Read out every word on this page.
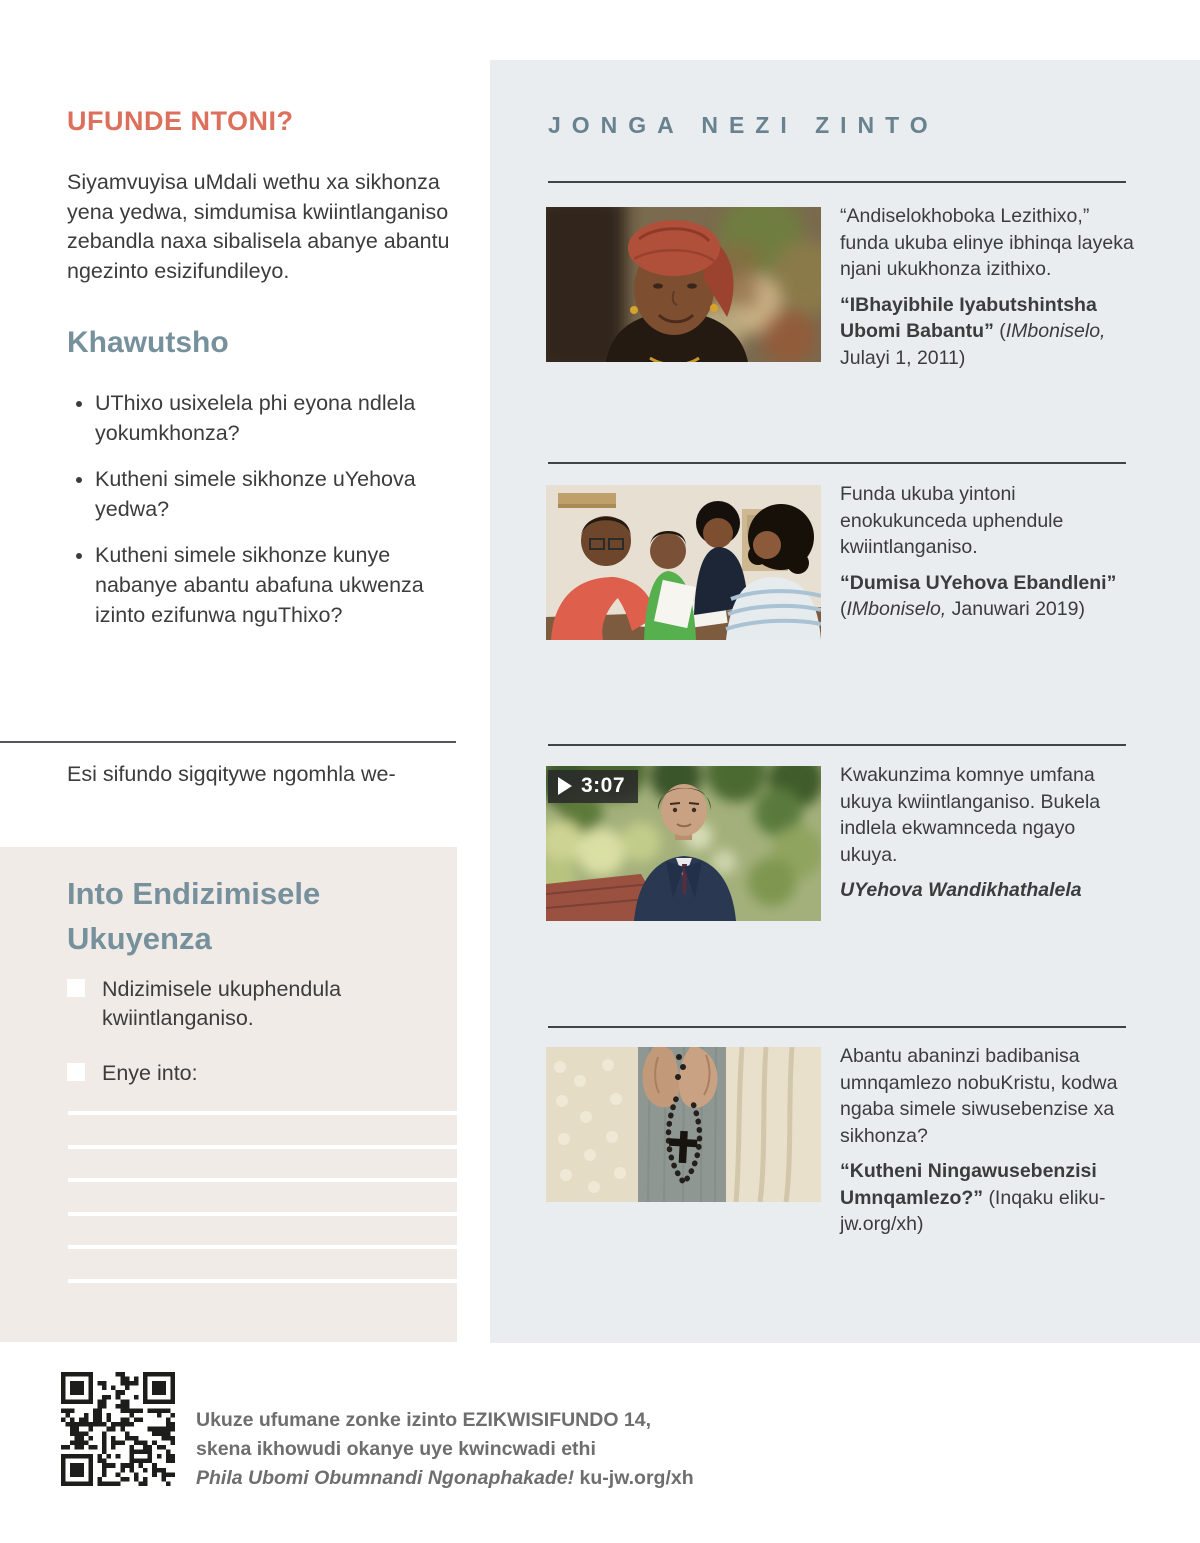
UFUNDE NTONI?
Siyamvuyisa uMdali wethu xa sikhonza yena yedwa, simdumisa kwiintlanganiso zebandla naxa sibalisela abanye abantu ngezinto esizifundileyo.
Khawutsho
• UThixo usixelela phi eyona ndlela yokumkhonza?
• Kutheni simele sikhonze uYehova yedwa?
• Kutheni simele sikhonze kunye nabanye abantu abafuna ukwenza izinto ezifunwa nguThixo?
Esi sifundo sigqitywe ngomhla we-
Into Endizimisele Ukuyenza
Ndizimisele ukuphendula kwiintlanganiso.
Enye into:
JONGA NEZI ZINTO
“Andiselokhoboka Lezithixo,” funda ukuba elinye ibhinqa layeka njani ukukhonza izithixo.
“IBhayibhile Iyabutshintsha Ubomi Babantu” (IMboniselo, Julayi 1, 2011)
Funda ukuba yintoni enokukunceda uphendule kwiintlanganiso.
“Dumisa UYehova Ebandleni” (IMboniselo, Januwari 2019)
3:07	Kwakunzima komnye umfana ukuya kwiintlanganiso. Bukela indlela ekwamnceda ngayo ukuya.
UYehova Wandikhathalela
Abantu abaninzi badibanisa umnqamlezo nobuKristu, kodwa ngaba simele siwusebenzise xa sikhonza?
“Kutheni Ningawusebenzisi Umnqamlezo?” (Inqaku eliku-jw.org/xh)
Ukuze ufumane zonke izinto EZIKWISIFUNDO 14,
skena ikhowudi okanye uye kwincwadi ethi
Phila Ubomi Obumnandi Ngonaphakade! ku-jw.org/xh
